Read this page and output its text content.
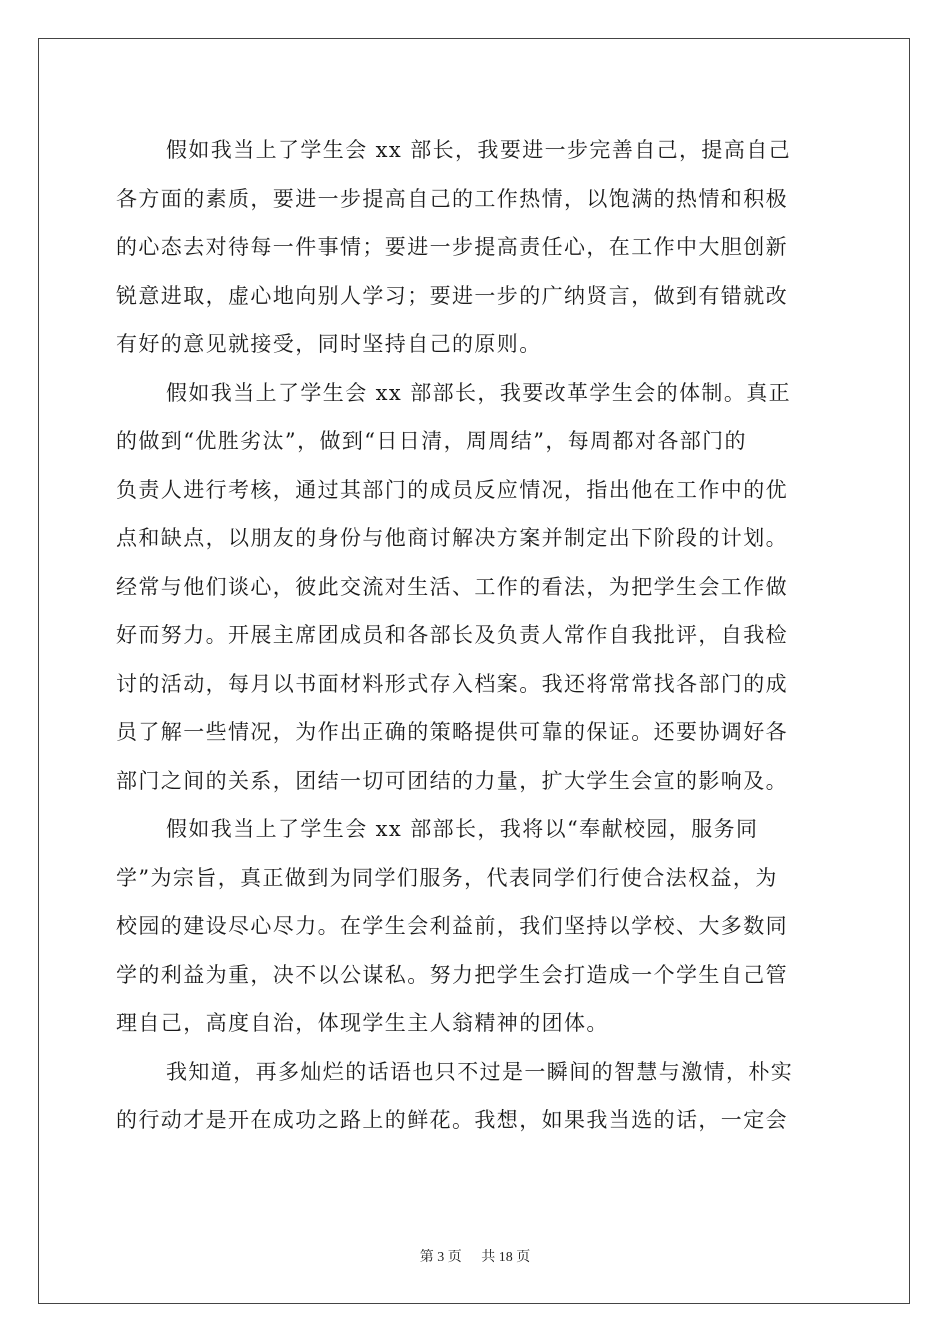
假如我当上了学生会 xx 部长，我要进一步完善自己，提高自己
各方面的素质，要进一步提高自己的工作热情，以饱满的热情和积极
的心态去对待每一件事情；要进一步提高责任心，在工作中大胆创新
锐意进取，虚心地向别人学习；要进一步的广纳贤言，做到有错就改
有好的意见就接受，同时坚持自己的原则。

假如我当上了学生会 xx 部部长，我要改革学生会的体制。真正
的做到“优胜劣汰”，做到“日日清，周周结”，每周都对各部门的
负责人进行考核，通过其部门的成员反应情况，指出他在工作中的优
点和缺点，以朋友的身份与他商讨解决方案并制定出下阶段的计划。
经常与他们谈心，彼此交流对生活、工作的看法，为把学生会工作做
好而努力。开展主席团成员和各部长及负责人常作自我批评，自我检
讨的活动，每月以书面材料形式存入档案。我还将常常找各部门的成
员了解一些情况，为作出正确的策略提供可靠的保证。还要协调好各
部门之间的关系，团结一切可团结的力量，扩大学生会宣的影响及。

假如我当上了学生会 xx 部部长，我将以“奉献校园，服务同
学”为宗旨，真正做到为同学们服务，代表同学们行使合法权益，为
校园的建设尽心尽力。在学生会利益前，我们坚持以学校、大多数同
学的利益为重，决不以公谋私。努力把学生会打造成一个学生自己管
理自己，高度自治，体现学生主人翁精神的团体。

我知道，再多灿烂的话语也只不过是一瞬间的智慧与激情，朴实
的行动才是开在成功之路上的鲜花。我想，如果我当选的话，一定会

第 3 页 共 18 页
